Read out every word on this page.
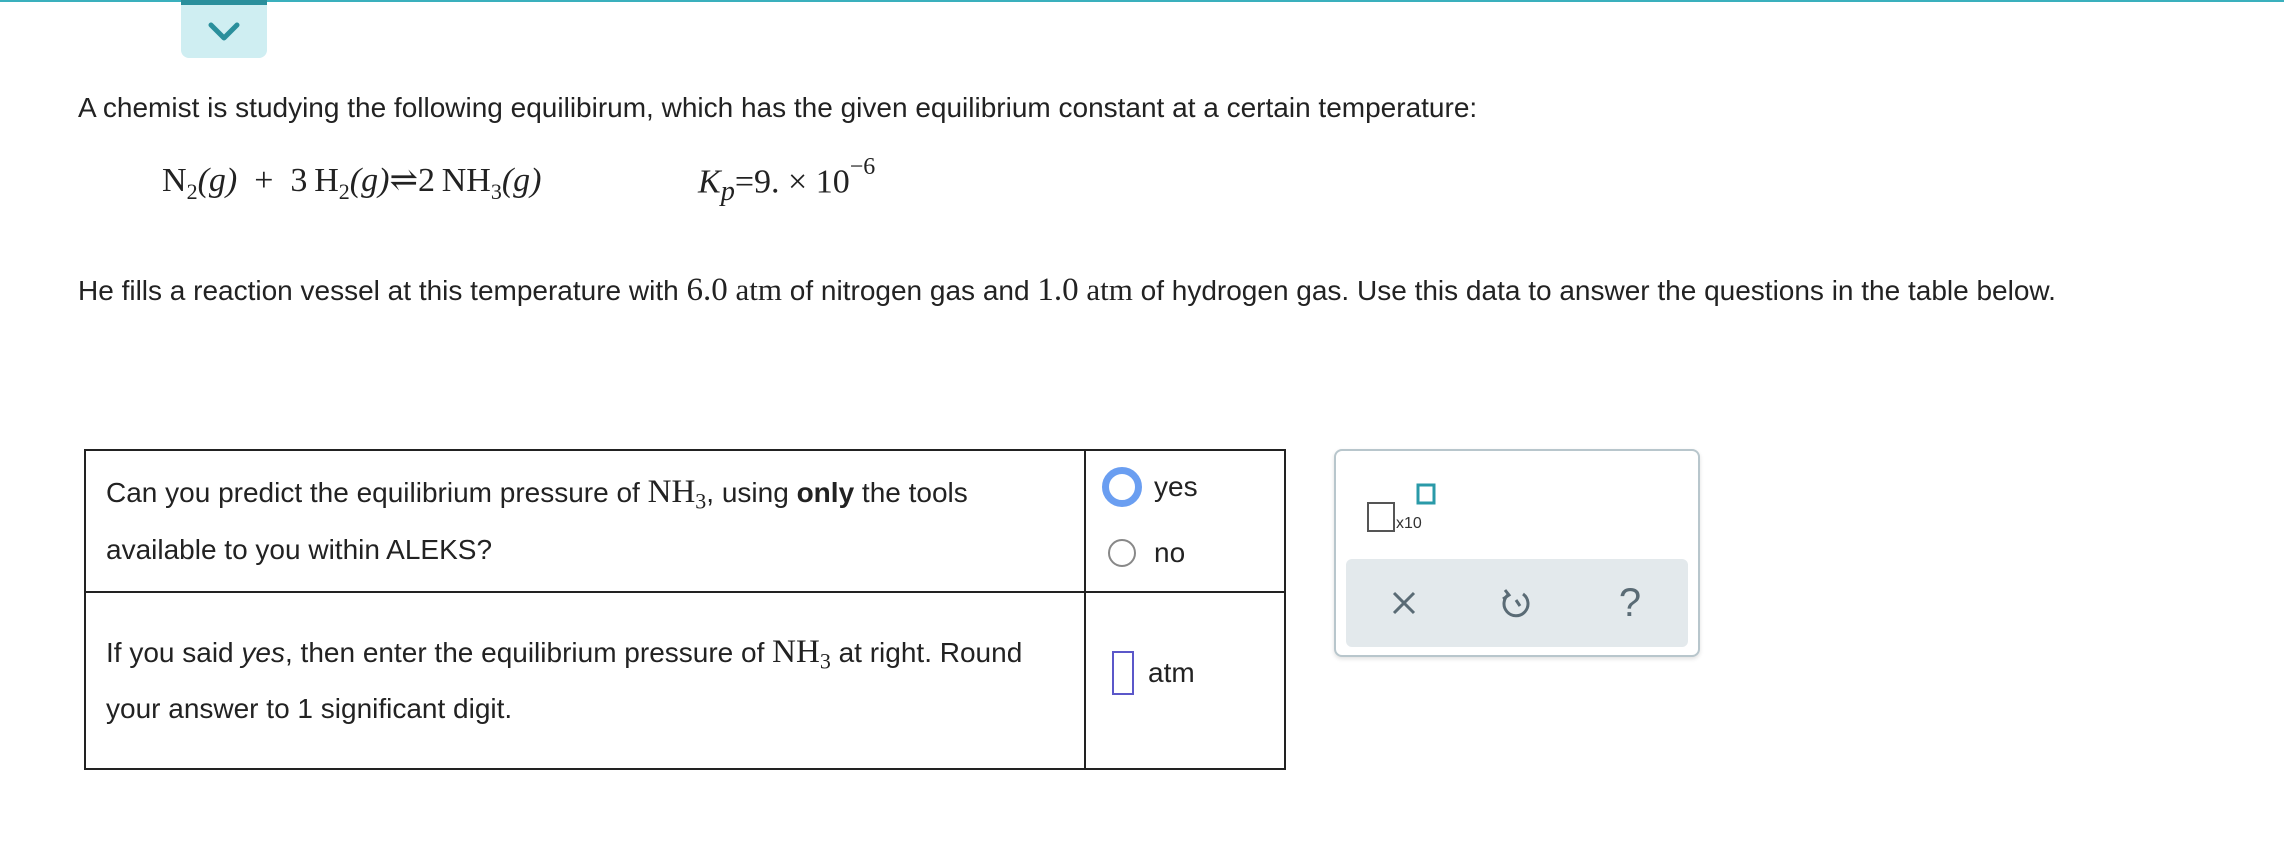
A chemist is studying the following equilibirum, which has the given equilibrium constant at a certain temperature:
$N_2(g) + 3$  $H_2(g)\rightleftharpoons 2$  $NH_3(g)$	$K_p=9$. × $10^{-6}$
He fills a reaction vessel at this temperature with 6.0 atm of nitrogen gas and 1.0 atm of hydrogen gas. Use this data to answer the questions in the table below.
Can you predict the equilibrium pressure of $NH_3$, using only the tools available to you within ALEKS?	yes
no

If you said yes, then enter the equilibrium pressure of $NH_3$ at right. Round your answer to 1 significant digit.	atm
x10
?
